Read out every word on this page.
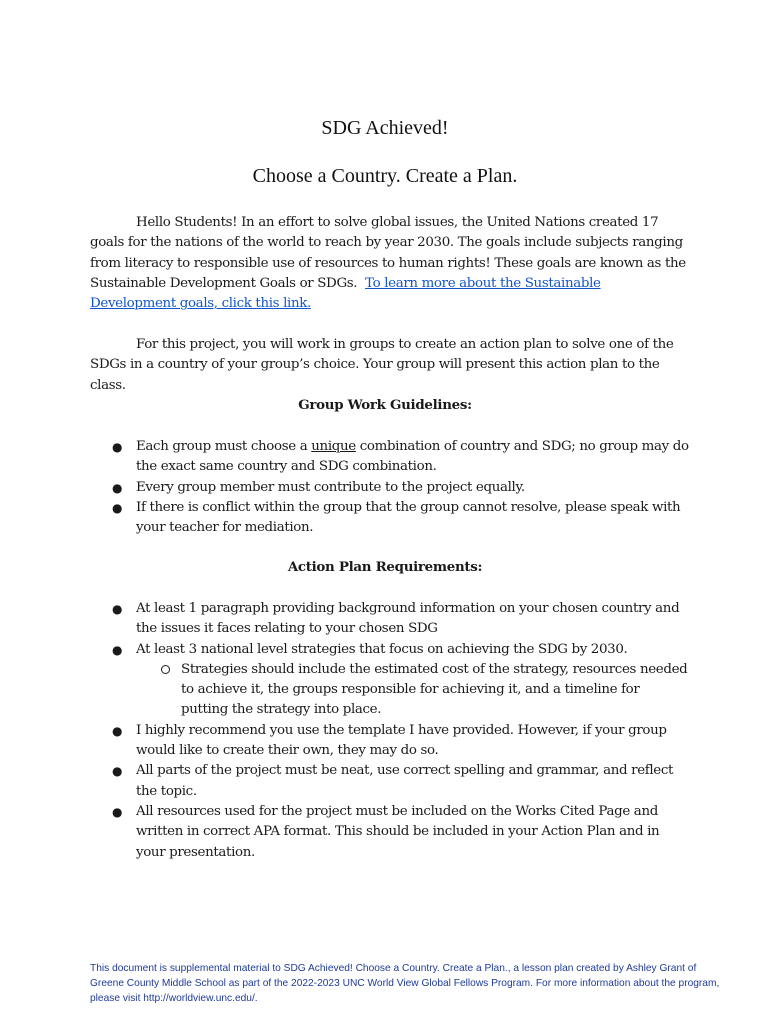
SDG Achieved!
Choose a Country. Create a Plan.

Hello Students! In an effort to solve global issues, the United Nations created 17 goals for the nations of the world to reach by year 2030. The goals include subjects ranging from literacy to responsible use of resources to human rights! These goals are known as the Sustainable Development Goals or SDGs. To learn more about the Sustainable Development goals, click this link.

For this project, you will work in groups to create an action plan to solve one of the SDGs in a country of your group’s choice. Your group will present this action plan to the class.

Group Work Guidelines:
● Each group must choose a unique combination of country and SDG; no group may do the exact same country and SDG combination.
● Every group member must contribute to the project equally.
● If there is conflict within the group that the group cannot resolve, please speak with your teacher for mediation.
Action Plan Requirements:
● At least 1 paragraph providing background information on your chosen country and the issues it faces relating to your chosen SDG
● At least 3 national level strategies that focus on achieving the SDG by 2030.
Strategies should include the estimated cost of the strategy, resources needed to achieve it, the groups responsible for achieving it, and a timeline for putting the strategy into place.
● I highly recommend you use the template I have provided. However, if your group would like to create their own, they may do so.
● All parts of the project must be neat, use correct spelling and grammar, and reflect the topic.
● All resources used for the project must be included on the Works Cited Page and written in correct APA format. This should be included in your Action Plan and in your presentation.

This document is supplemental material to SDG Achieved! Choose a Country. Create a Plan., a lesson plan created by Ashley Grant of Greene County Middle School as part of the 2022-2023 UNC World View Global Fellows Program. For more information about the program, please visit http://worldview.unc.edu/.
